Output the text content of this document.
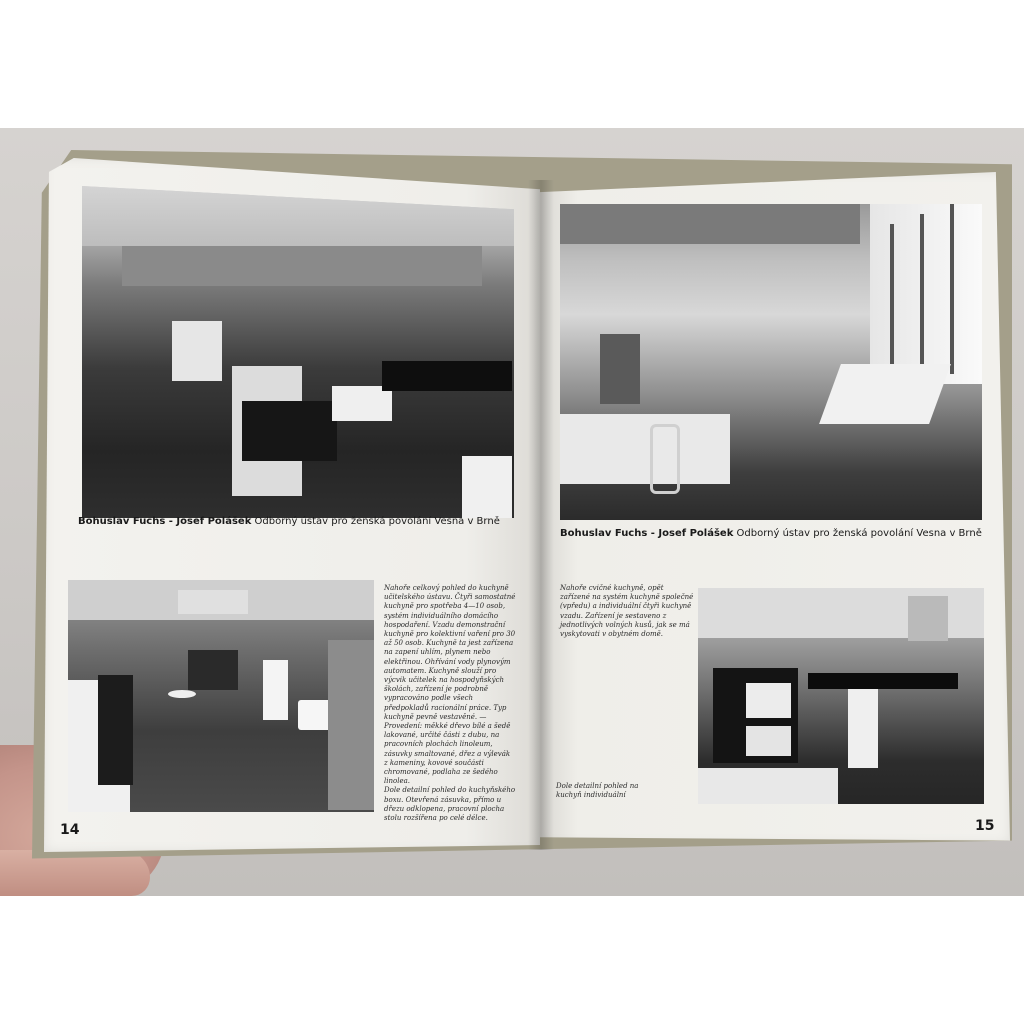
Bohuslav Fuchs - Josef Polášek Odborný ústav pro ženská povolání Vesna v Brně
Bohuslav Fuchs - Josef Polášek Odborný ústav pro ženská povolání Vesna v Brně

Nahoře celkový pohled do kuchyně učitelského ústavu. Čtyři samostatné kuchyně pro spotřeba 4—10 osob, systém individuálního domácího hospodaření. Vzadu demonstrační kuchyně pro kolektivní vaření pro 30 až 50 osob. Kuchyně ta jest zařízena na zapení uhlím, plynem nebo elektřinou. Ohřívání vody plynovým automatem. Kuchyně slouží pro výcvik učitelek na hospodyňských školách, zařízení je podrobně vypracováno podle všech předpokladů racionální práce. Typ kuchyně pevně vestavěné. — Provedení: měkké dřevo bílé a šedě lakované, určité části z dubu, na pracovních plochách linoleum, zásuvky smaltované, dřez a výlevák z kameniny, kovové součásti chromované, podlaha ze šedého linolea.

Dole detailní pohled do kuchyňského boxu. Otevřená zásuvka, přímo u dřezu odklopena, pracovní plocha stolu rozšířena po celé délce.

Nahoře cvičné kuchyně, opět zařízené na systém kuchyně společné (vpředu) a individuální čtyři kuchyně vzadu. Zařízení je sestaveno z jednotlivých volných kusů, jak se má vyskytovati v obytném domě.

Dole detailní pohled na kuchyň individuální

14	15
